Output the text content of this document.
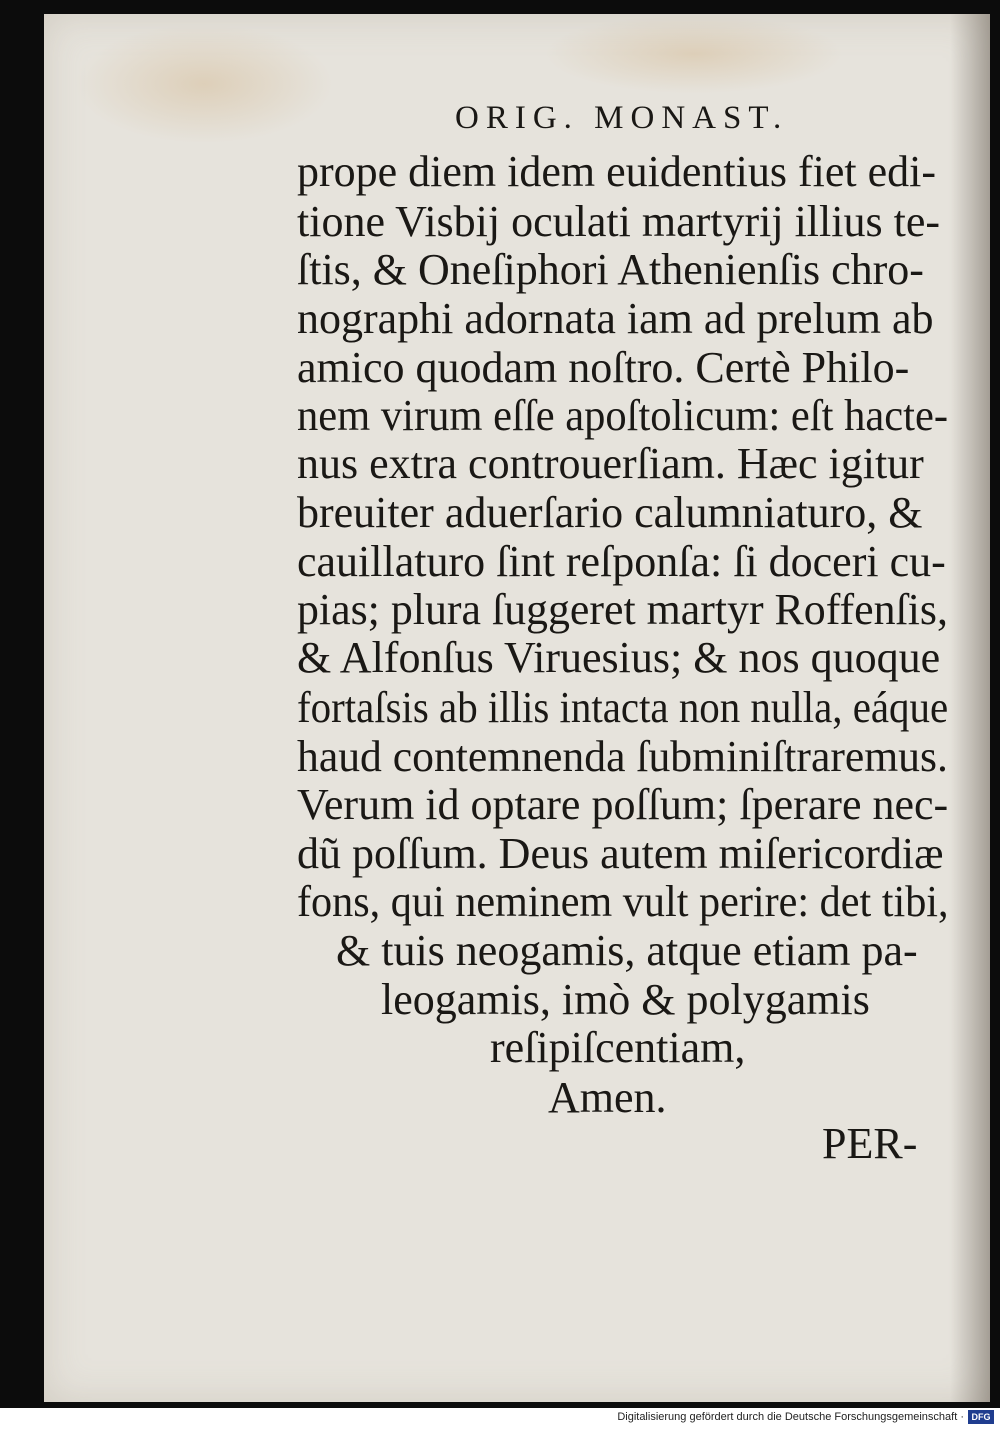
ORIG. MONAST.
prope diem idem euidentius fiet edi-
tione Visbij oculati martyrij illius te-
ſtis, & Oneſiphori Athenienſis chro-
nographi adornata iam ad prelum ab
amico quodam noſtro. Certè Philo-
nem virum eſſe apoſtolicum: eſt hacte-
nus extra controuerſiam. Hæc igitur
breuiter aduerſario calumniaturo, &
cauillaturo ſint reſponſa: ſi doceri cu-
pias; plura ſuggeret martyr Roffenſis,
& Alfonſus Viruesius; & nos quoque
fortaſsis ab illis intacta non nulla, eáque
haud contemnenda ſubminiſtraremus.
Verum id optare poſſum; ſperare nec-
dũ poſſum. Deus autem miſericordiæ
fons, qui neminem vult perire: det tibi,
& tuis neogamis, atque etiam pa-
leogamis, imò & polygamis
reſipiſcentiam,
Amen.
PER-
Digitalisierung gefördert durch die Deutsche Forschungsgemeinschaft · DFG
